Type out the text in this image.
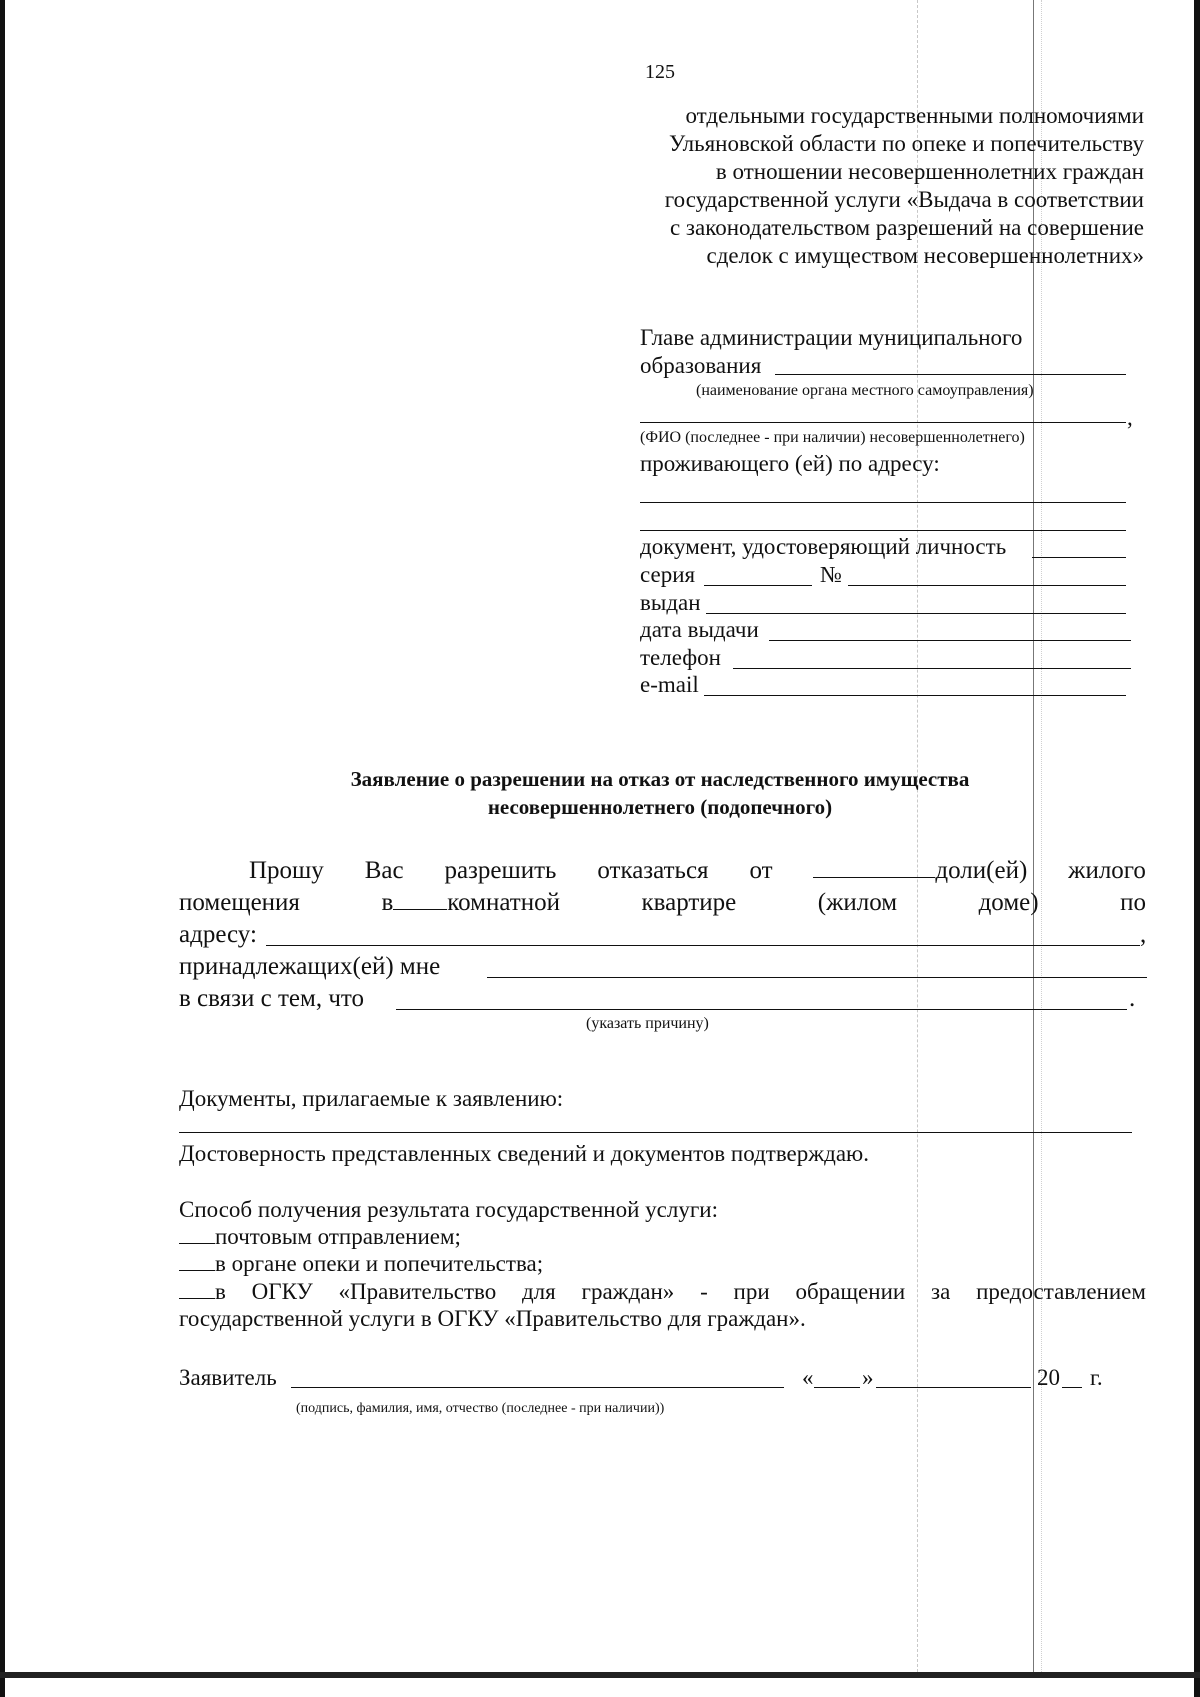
125
отдельными государственными полномочиями
Ульяновской области по опеке и попечительству
в отношении несовершеннолетних граждан
государственной услуги «Выдача в соответствии
с законодательством разрешений на совершение
сделок с имуществом несовершеннолетних»
Главе администрации муниципального
образования
(наименование органа местного самоуправления)
,
(ФИО (последнее - при наличии) несовершеннолетнего)
проживающего (ей) по адресу:
документ, удостоверяющий личность
серия	№
выдан
дата выдачи
телефон
e-mail
Заявление о разрешении на отказ от наследственного имущества
несовершеннолетнего (подопечного)
Прошу Вас разрешить отказаться от	доли(ей) жилого
помещения	в комнатной	квартире	(жилом	доме)	по
адресу:	,
принадлежащих(ей) мне
в связи с тем, что	.
(указать причину)
Документы, прилагаемые к заявлению:
Достоверность представленных сведений и документов подтверждаю.
Способ получения результата государственной услуги:
почтовым отправлением;
в органе опеки и попечительства;
в ОГКУ «Правительство для граждан» - при обращении за предоставлением
государственной услуги в ОГКУ «Правительство для граждан».
Заявитель	« »	20 г.
(подпись, фамилия, имя, отчество (последнее - при наличии))
